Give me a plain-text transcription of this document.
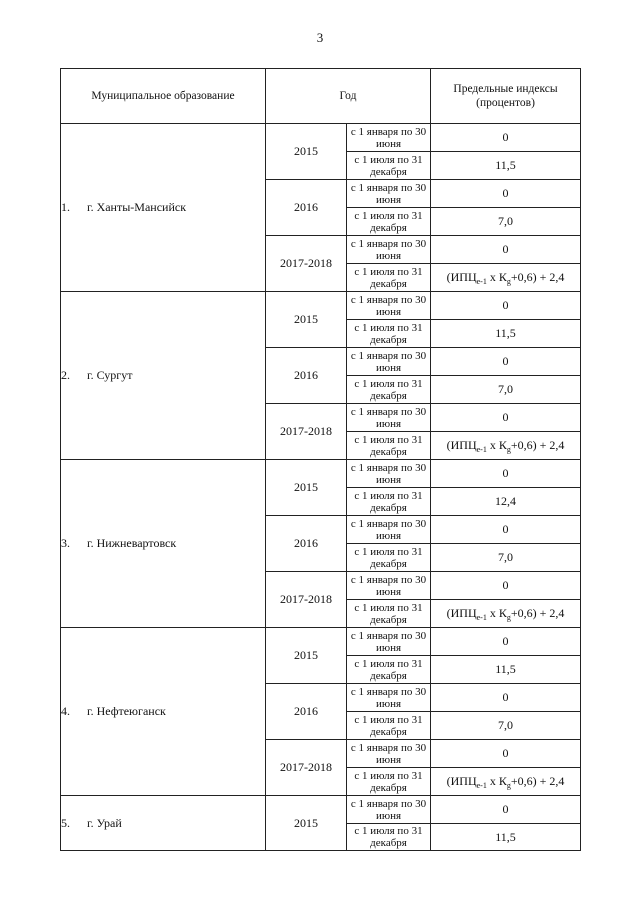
3
Муниципальное образование	Год		Предельные индексы (процентов)
1. г. Ханты-Мансийск	2015	с 1 января по 30 июня	0
		с 1 июля по 31 декабря	11,5
	2016	с 1 января по 30 июня	0
		с 1 июля по 31 декабря	7,0
	2017-2018	с 1 января по 30 июня	0
		с 1 июля по 31 декабря	($ИПЦ_{е-1}$ х $К_g+0,6) + 2,4$
2. г. Сургут	2015	с 1 января по 30 июня	0
		с 1 июля по 31 декабря	11,5
	2016	с 1 января по 30 июня	0
		с 1 июля по 31 декабря	7,0
	2017-2018	с 1 января по 30 июня	0
		с 1 июля по 31 декабря	($ИПЦ_{е-1}$ х $К_g+0,6) + 2,4$
3. г. Нижневартовск	2015	с 1 января по 30 июня	0
		с 1 июля по 31 декабря	12,4
	2016	с 1 января по 30 июня	0
		с 1 июля по 31 декабря	7,0
	2017-2018	с 1 января по 30 июня	0
		с 1 июля по 31 декабря	($ИПЦ_{е-1}$ х $К_g+0,6) + 2,4$
4. г. Нефтеюганск	2015	с 1 января по 30 июня	0
		с 1 июля по 31 декабря	11,5
	2016	с 1 января по 30 июня	0
		с 1 июля по 31 декабря	7,0
	2017-2018	с 1 января по 30 июня	0
		с 1 июля по 31 декабря	($ИПЦ_{е-1}$ х $К_g+0,6) + 2,4$
5. г. Урай	2015	с 1 января по 30 июня	0
		с 1 июля по 31 декабря	11,5
